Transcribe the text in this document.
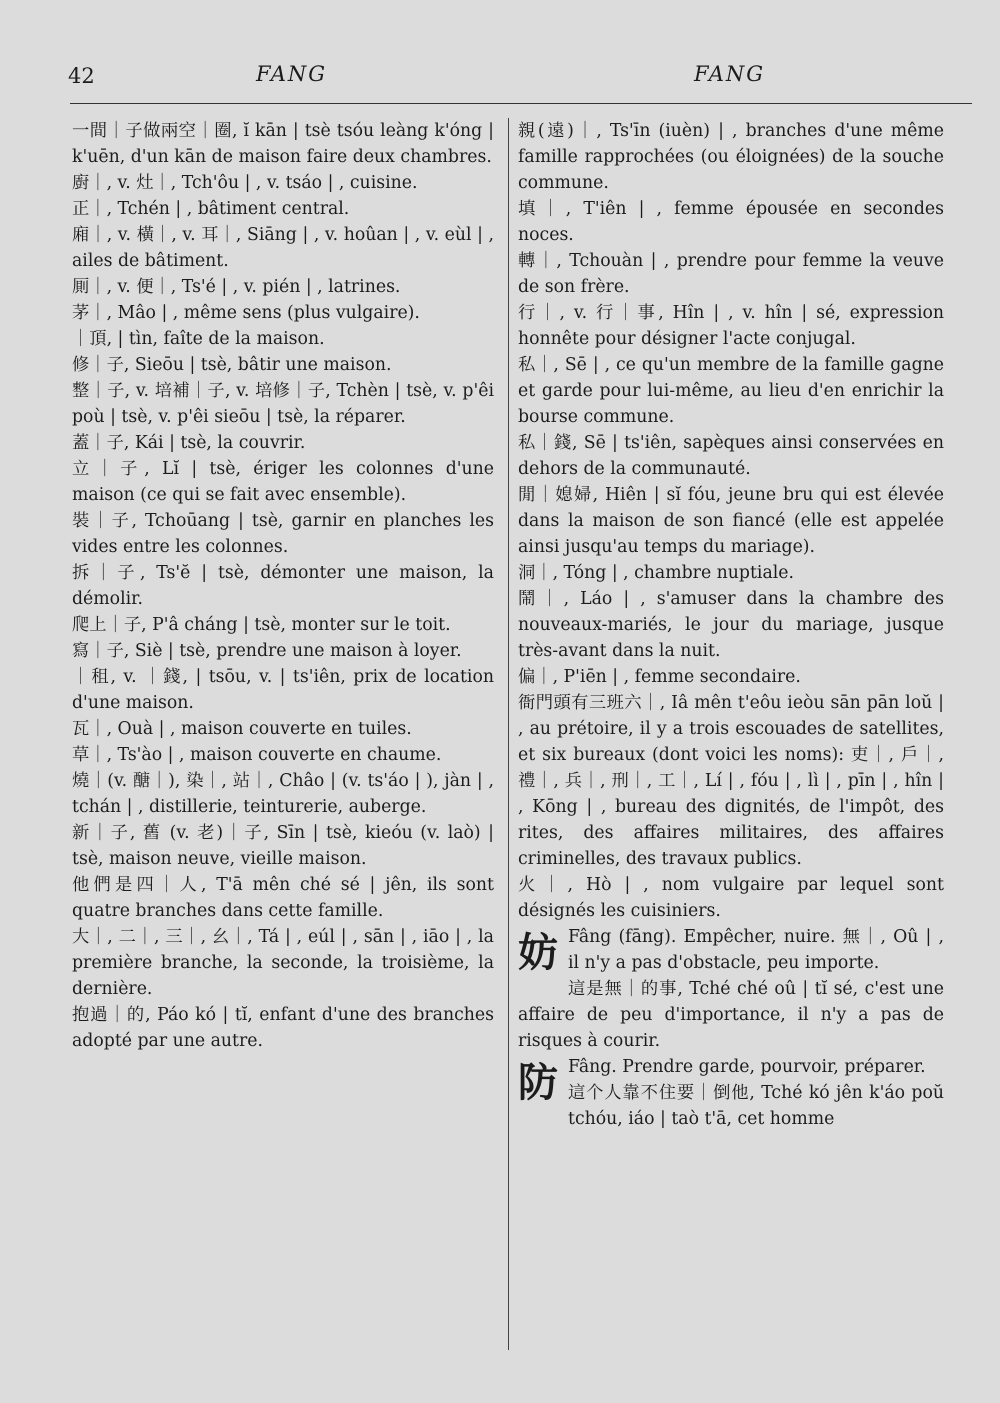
42	FANG	FANG

一間｜子做兩空｜圈, ĭ kān | tsè tsóu leàng k'óng | k'uēn, d'un kān de maison faire deux chambres.

廚｜, v. 灶｜, Tch'ôu | , v. tsáo | , cuisine.

正｜, Tchén | , bâtiment central.

廂｜, v. 橫｜, v. 耳｜, Siāng | , v. hoûan | , v. eùl | , ailes de bâtiment.

厠｜, v. 便｜, Ts'é | , v. pién | , latrines.

茅｜, Mâo | , même sens (plus vulgaire).

｜頂, | tìn, faîte de la maison.

修｜子, Sieōu | tsè, bâtir une maison.

整｜子, v. 培補｜子, v. 培修｜子, Tchèn | tsè, v. p'êi poù | tsè, v. p'êi sieōu | tsè, la réparer.

蓋｜子, Kái | tsè, la couvrir.

立｜子, Lĭ | tsè, ériger les colonnes d'une maison (ce qui se fait avec ensemble).

裝｜子, Tchoūang | tsè, garnir en planches les vides entre les colonnes.

拆｜子, Ts'ĕ | tsè, démonter une maison, la démolir.

爬上｜子, P'â cháng | tsè, monter sur le toit.

寫｜子, Siè | tsè, prendre une maison à loyer.

｜租, v. ｜錢, | tsōu, v. | ts'iên, prix de location d'une maison.

瓦｜, Ouà | , maison couverte en tuiles.

草｜, Ts'ào | , maison couverte en chaume.

燒｜(v. 醣｜), 染｜, 站｜, Châo | (v. ts'áo | ), jàn | , tchán | , distillerie, teinturerie, auberge.

新｜子, 舊 (v. 老)｜子, Sīn | tsè, kieóu (v. laò) | tsè, maison neuve, vieille maison.

他們是四｜人, T'ā mên ché sé | jên, ils sont quatre branches dans cette famille.

大｜, 二｜, 三｜, 幺｜, Tá | , eúl | , sān | , iāo | , la première branche, la seconde, la troisième, la dernière.

抱過｜的, Páo kó | tĭ, enfant d'une des branches adopté par une autre.

親(遠)｜, Ts'īn (iuèn) | , branches d'une même famille rapprochées (ou éloignées) de la souche commune.

填｜, T'iên | , femme épousée en secondes noces.

轉｜, Tchouàn | , prendre pour femme la veuve de son frère.

行｜, v. 行｜事, Hîn | , v. hîn | sé, expression honnête pour désigner l'acte conjugal.

私｜, Sē | , ce qu'un membre de la famille gagne et garde pour lui-même, au lieu d'en enrichir la bourse commune.

私｜錢, Sē | ts'iên, sapèques ainsi conservées en dehors de la communauté.

閒｜媳婦, Hiên | sĭ fóu, jeune bru qui est élevée dans la maison de son fiancé (elle est appelée ainsi jusqu'au temps du mariage).

洞｜, Tóng | , chambre nuptiale.

鬧｜, Láo | , s'amuser dans la chambre des nouveaux-mariés, le jour du mariage, jusque très-avant dans la nuit.

偏｜, P'iēn | , femme secondaire.

衙門頭有三班六｜, Iâ mên t'eôu ieòu sān pān loŭ | , au prétoire, il y a trois escouades de satellites, et six bureaux (dont voici les noms): 吏｜, 戶｜, 禮｜, 兵｜, 刑｜, 工｜, Lí | , fóu | , lì | , pīn | , hîn | , Kōng | , bureau des dignités, de l'impôt, des rites, des affaires militaires, des affaires criminelles, des travaux publics.

火｜, Hò | , nom vulgaire par lequel sont désignés les cuisiniers.

妨 Fâng (fāng). Empêcher, nuire. 無｜, Oû | , il n'y a pas d'obstacle, peu importe.

這是無｜的事, Tché ché oû | tĭ sé, c'est une affaire de peu d'importance, il n'y a pas de risques à courir.

防 Fâng. Prendre garde, pourvoir, préparer.

這个人靠不住要｜倒他, Tché kó jên k'áo poŭ tchóu, iáo | taò t'ā, cet homme
